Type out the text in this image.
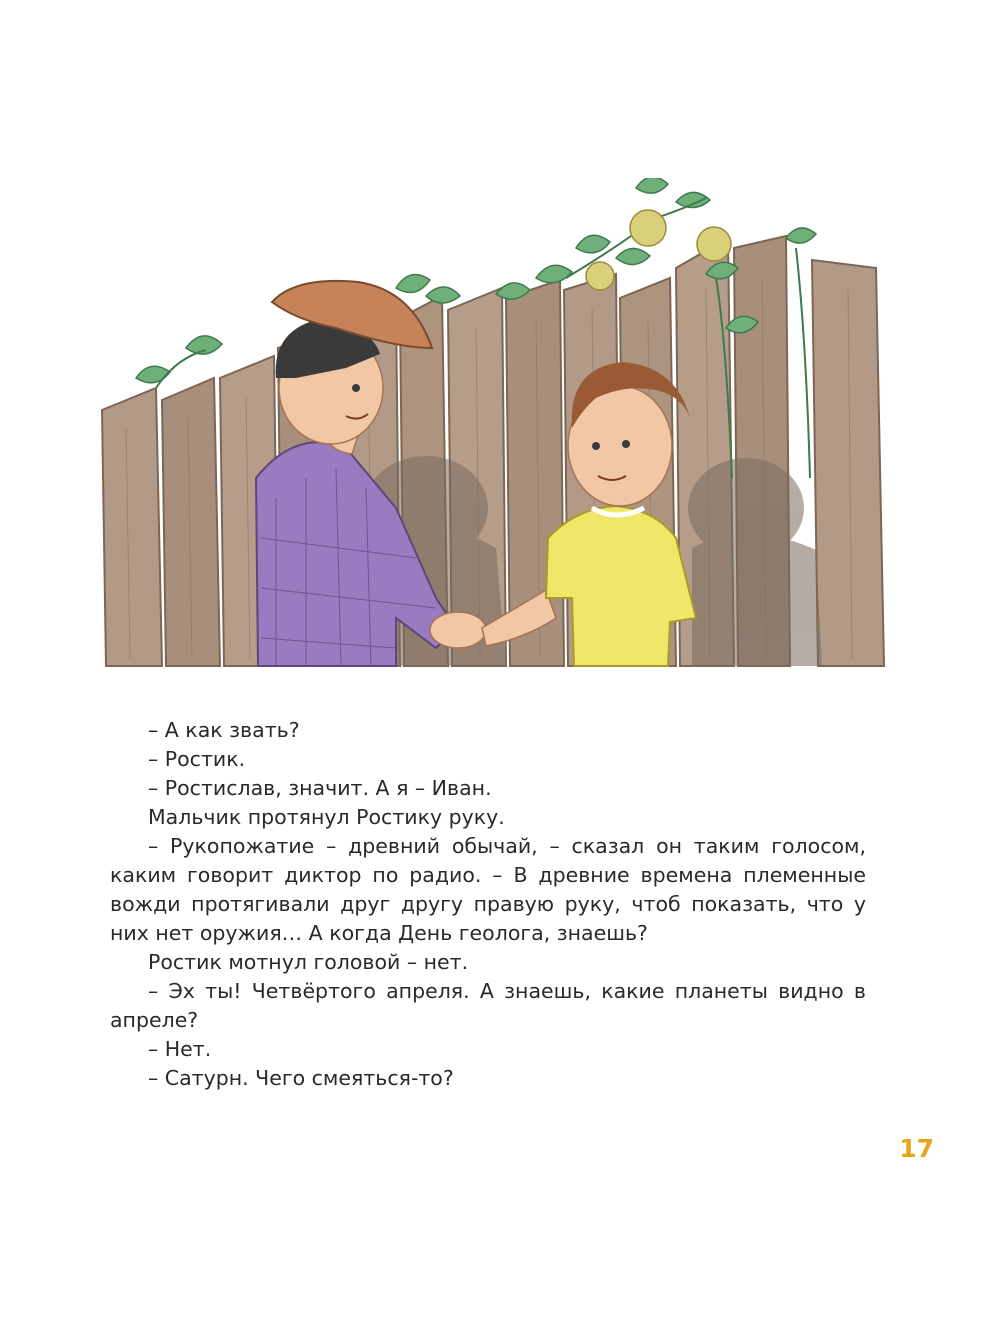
– А как звать?

– Ростик.

– Ростислав, значит. А я – Иван.

Мальчик протянул Ростику руку.

– Рукопожатие – древний обычай, – сказал он таким голосом, каким говорит диктор по радио. – В древние времена племенные вожди протягивали друг другу правую руку, чтоб показать, что у них нет оружия… А когда День геолога, знаешь?

Ростик мотнул головой – нет.

– Эх ты! Четвёртого апреля. А знаешь, какие планеты видно в апреле?

– Нет.

– Сатурн. Чего смеяться-то?

17
